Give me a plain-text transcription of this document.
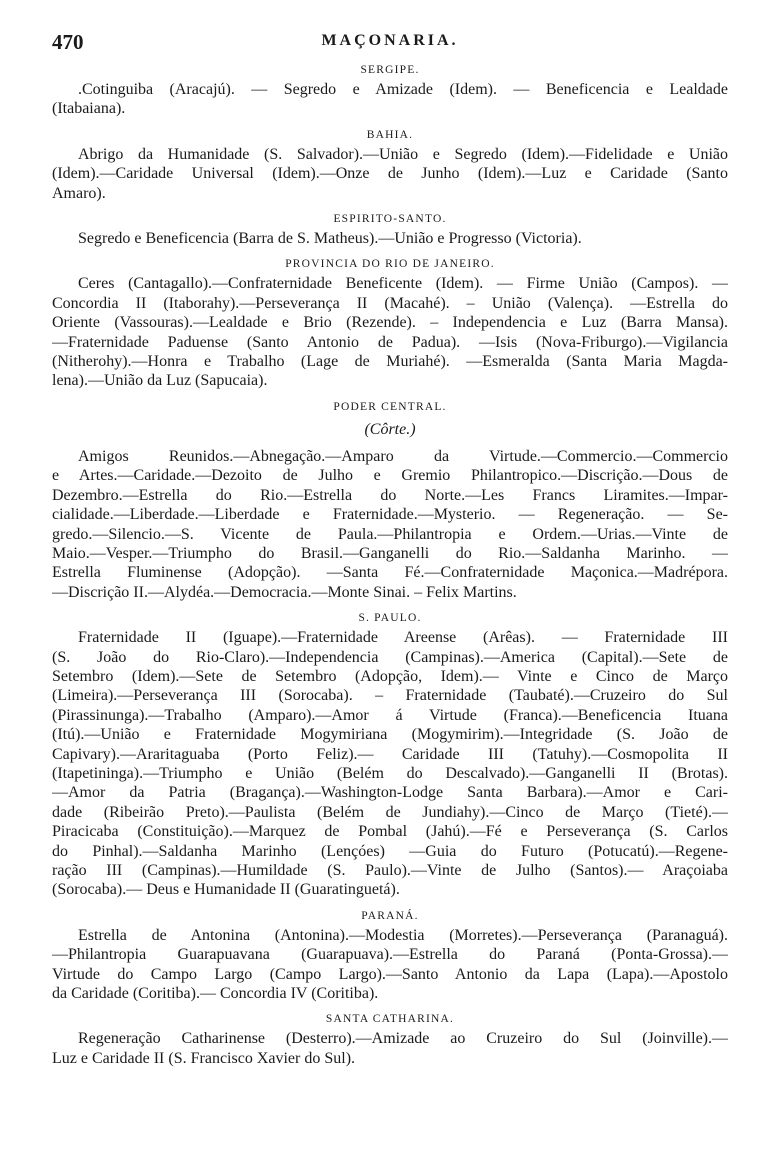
470	MAÇONARIA.
SERGIPE.
.Cotinguiba (Aracajú). — Segredo e Amizade (Idem). — Beneficencia e Lealdade
(Itabaiana).
BAHIA.
Abrigo da Humanidade (S. Salvador).—União e Segredo (Idem).—Fidelidade e União
(Idem).—Caridade Universal (Idem).—Onze de Junho (Idem).—Luz e Caridade (Santo
Amaro).
ESPIRITO-SANTO.
Segredo e Beneficencia (Barra de S. Matheus).—União e Progresso (Victoria).
PROVINCIA DO RIO DE JANEIRO.
Ceres (Cantagallo).—Confraternidade Beneficente (Idem). — Firme União (Campos). —
Concordia II (Itaborahy).—Perseverança II (Macahé). – União (Valença). —Estrella do
Oriente (Vassouras).—Lealdade e Brio (Rezende). – Independencia e Luz (Barra Mansa).
—Fraternidade Paduense (Santo Antonio de Padua). —Isis (Nova-Friburgo).—Vigilancia
(Nitherohy).—Honra e Trabalho (Lage de Muriahé). —Esmeralda (Santa Maria Magda-
lena).—União da Luz (Sapucaia).
PODER CENTRAL.
(Côrte.)
Amigos Reunidos.—Abnegação.—Amparo da Virtude.—Commercio.—Commercio
e Artes.—Caridade.—Dezoito de Julho e Gremio Philantropico.—Discrição.—Dous de
Dezembro.—Estrella do Rio.—Estrella do Norte.—Les Francs Liramites.—Impar-
cialidade.—Liberdade.—Liberdade e Fraternidade.—Mysterio. — Regeneração. — Se-
gredo.—Silencio.—S. Vicente de Paula.—Philantropia e Ordem.—Urias.—Vinte de
Maio.—Vesper.—Triumpho do Brasil.—Ganganelli do Rio.—Saldanha Marinho. —
Estrella Fluminense (Adopção). —Santa Fé.—Confraternidade Maçonica.—Madrépora.
—Discrição II.—Alydéa.—Democracia.—Monte Sinai. – Felix Martins.
S. PAULO.
Fraternidade II (Iguape).—Fraternidade Areense (Arêas). — Fraternidade III
(S. João do Rio-Claro).—Independencia (Campinas).—America (Capital).—Sete de
Setembro (Idem).—Sete de Setembro (Adopção, Idem).— Vinte e Cinco de Março
(Limeira).—Perseverança III (Sorocaba). – Fraternidade (Taubaté).—Cruzeiro do Sul
(Pirassinunga).—Trabalho (Amparo).—Amor á Virtude (Franca).—Beneficencia Ituana
(Itú).—União e Fraternidade Mogymiriana (Mogymirim).—Integridade (S. João de
Capivary).—Araritaguaba (Porto Feliz).— Caridade III (Tatuhy).—Cosmopolita II
(Itapetininga).—Triumpho e União (Belém do Descalvado).—Ganganelli II (Brotas).
—Amor da Patria (Bragança).—Washington-Lodge Santa Barbara).—Amor e Cari-
dade (Ribeirão Preto).—Paulista (Belém de Jundiahy).—Cinco de Março (Tieté).—
Piracicaba (Constituição).—Marquez de Pombal (Jahú).—Fé e Perseverança (S. Carlos
do Pinhal).—Saldanha Marinho (Lençóes) —Guia do Futuro (Potucatú).—Regene-
ração III (Campinas).—Humildade (S. Paulo).—Vinte de Julho (Santos).— Araçoiaba
(Sorocaba).— Deus e Humanidade II (Guaratinguetá).
PARANÁ.
Estrella de Antonina (Antonina).—Modestia (Morretes).—Perseverança (Paranaguá).
—Philantropia Guarapuavana (Guarapuava).—Estrella do Paraná (Ponta-Grossa).—
Virtude do Campo Largo (Campo Largo).—Santo Antonio da Lapa (Lapa).—Apostolo
da Caridade (Coritiba).— Concordia IV (Coritiba).
SANTA CATHARINA.
Regeneração Catharinense (Desterro).—Amizade ao Cruzeiro do Sul (Joinville).—
Luz e Caridade II (S. Francisco Xavier do Sul).
